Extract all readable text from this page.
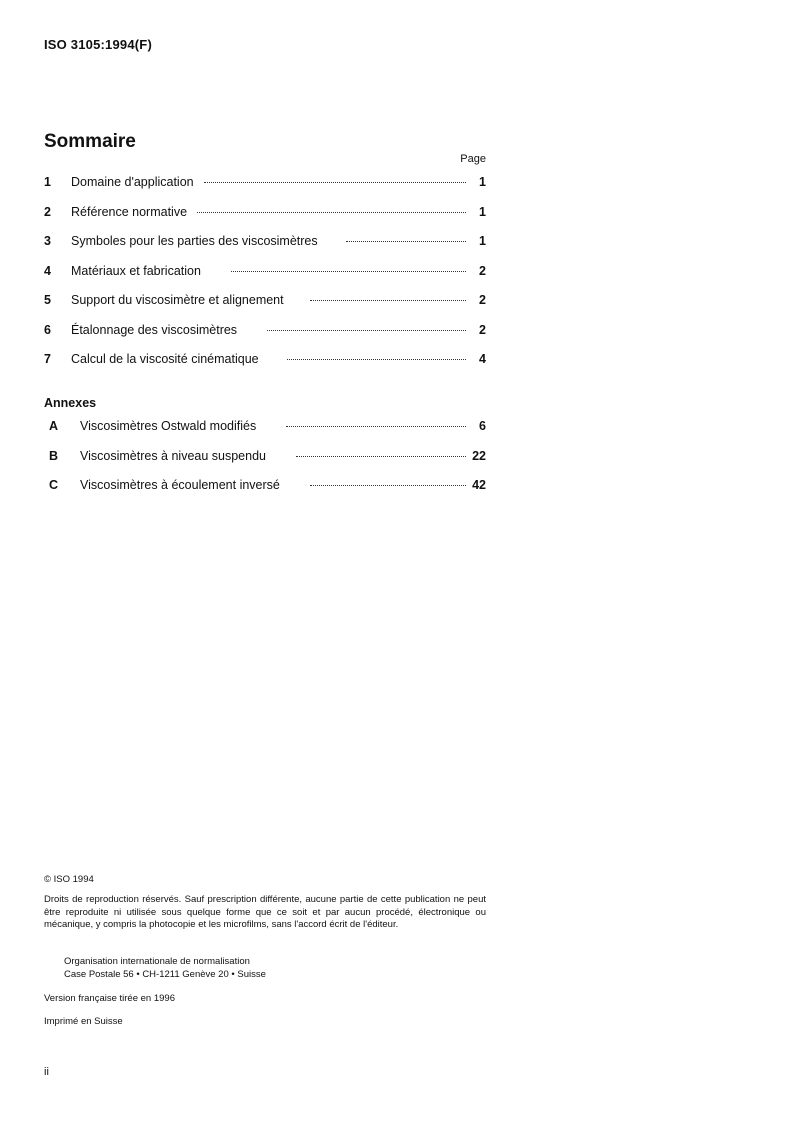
ISO 3105:1994(F)
Sommaire
Page
1	Domaine d'application	1
2	Référence normative	1
3	Symboles pour les parties des viscosimètres	1
4	Matériaux et fabrication	2
5	Support du viscosimètre et alignement	2
6	Étalonnage des viscosimètres	2
7	Calcul de la viscosité cinématique	4
Annexes
A	Viscosimètres Ostwald modifiés	6
B	Viscosimètres à niveau suspendu	22
C	Viscosimètres à écoulement inversé	42

© ISO 1994

Droits de reproduction réservés. Sauf prescription différente, aucune partie de cette publication ne peut être reproduite ni utilisée sous quelque forme que ce soit et par aucun procédé, électronique ou mécanique, y compris la photocopie et les microfilms, sans l'accord écrit de l'éditeur.

Organisation internationale de normalisation

Case Postale 56 • CH-1211 Genève 20 • Suisse

Version française tirée en 1996

Imprimé en Suisse

ii
